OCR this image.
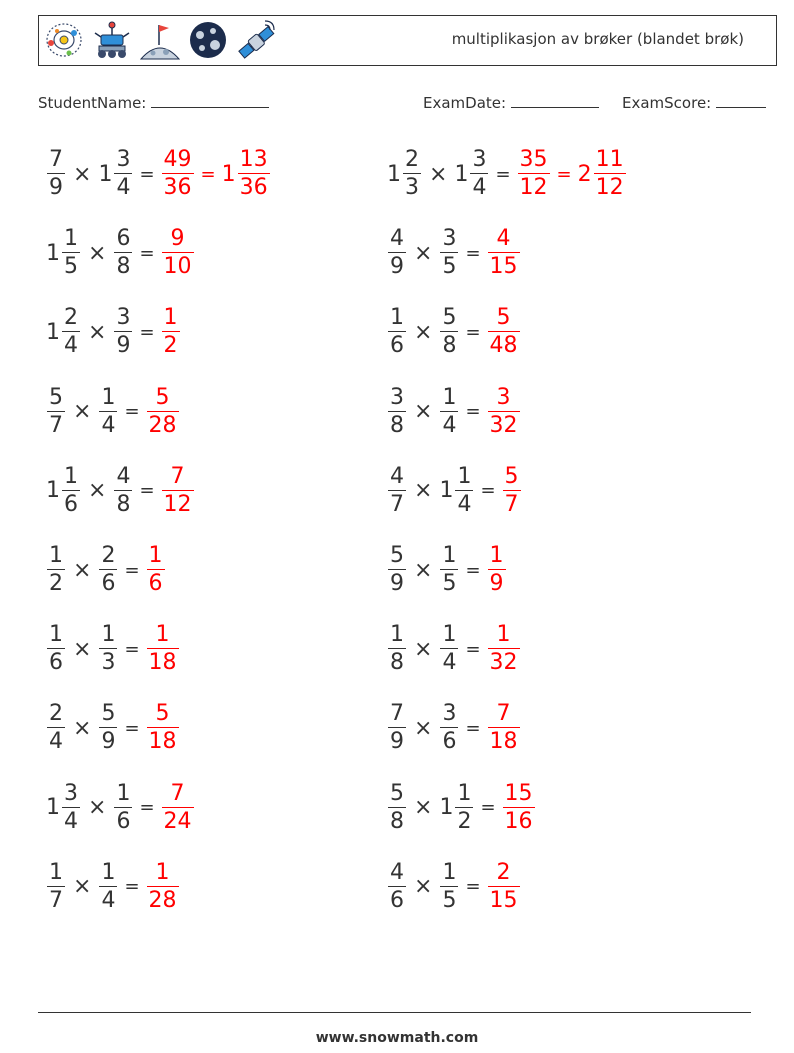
multiplikasjon av brøker (blandet brøk)
StudentName:	ExamDate:	ExamScore:
$\frac{7}{9} \times 1 \frac{3}{4} = \frac{49}{36} = 1 \frac{13}{36}$	$1 \frac{2}{3} \times 1 \frac{3}{4} = \frac{35}{12} = 2 \frac{11}{12}$
$1 \frac{1}{5} \times \frac{6}{8} = \frac{9}{10}$	$\frac{4}{9} \times \frac{3}{5} = \frac{4}{15}$
$1 \frac{2}{4} \times \frac{3}{9} = \frac{1}{2}$	$\frac{1}{6} \times \frac{5}{8} = \frac{5}{48}$
$\frac{5}{7} \times \frac{1}{4} = \frac{5}{28}$	$\frac{3}{8} \times \frac{1}{4} = \frac{3}{32}$
$1 \frac{1}{6} \times \frac{4}{8} = \frac{7}{12}$	$\frac{4}{7} \times 1 \frac{1}{4} = \frac{5}{7}$
$\frac{1}{2} \times \frac{2}{6} = \frac{1}{6}$	$\frac{5}{9} \times \frac{1}{5} = \frac{1}{9}$
$\frac{1}{6} \times \frac{1}{3} = \frac{1}{18}$	$\frac{1}{8} \times \frac{1}{4} = \frac{1}{32}$
$\frac{2}{4} \times \frac{5}{9} = \frac{5}{18}$	$\frac{7}{9} \times \frac{3}{6} = \frac{7}{18}$
$1 \frac{3}{4} \times \frac{1}{6} = \frac{7}{24}$	$\frac{5}{8} \times 1 \frac{1}{2} = \frac{15}{16}$
$\frac{1}{7} \times \frac{1}{4} = \frac{1}{28}$	$\frac{4}{6} \times \frac{1}{5} = \frac{2}{15}$
www.snowmath.com
